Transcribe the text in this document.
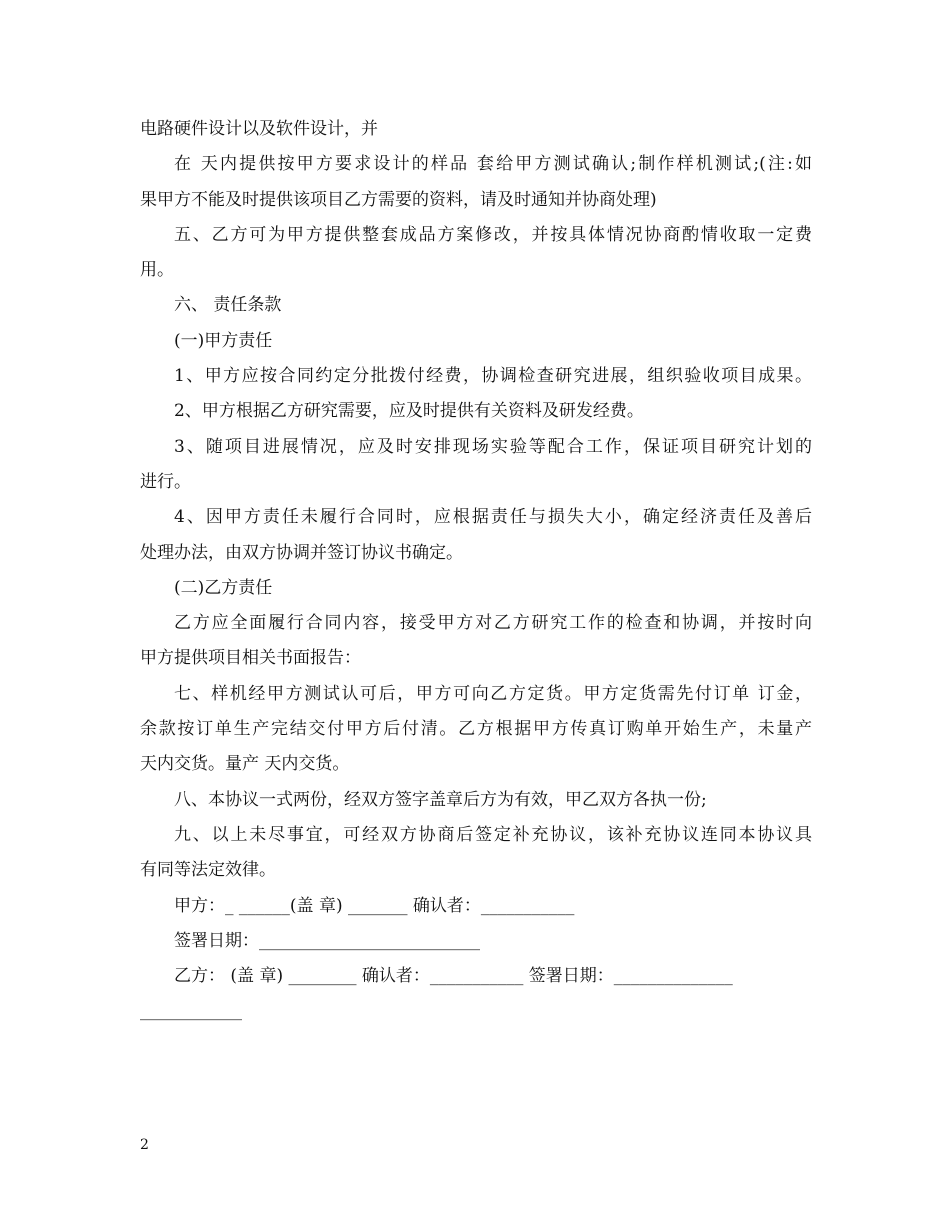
电路硬件设计以及软件设计，并
在 天内提供按甲方要求设计的样品 套给甲方测试确认;制作样机测试;(注:如
果甲方不能及时提供该项目乙方需要的资料，请及时通知并协商处理)
五、乙方可为甲方提供整套成品方案修改，并按具体情况协商酌情收取一定费
用。
六、 责任条款
(一)甲方责任
1、甲方应按合同约定分批拨付经费，协调检查研究进展，组织验收项目成果。
2、甲方根据乙方研究需要，应及时提供有关资料及研发经费。
3、随项目进展情况，应及时安排现场实验等配合工作，保证项目研究计划的
进行。
4、因甲方责任未履行合同时，应根据责任与损失大小，确定经济责任及善后
处理办法，由双方协调并签订协议书确定。
(二)乙方责任
乙方应全面履行合同内容，接受甲方对乙方研究工作的检查和协调，并按时向
甲方提供项目相关书面报告：
七、样机经甲方测试认可后，甲方可向乙方定货。甲方定货需先付订单 订金，
余款按订单生产完结交付甲方后付清。乙方根据甲方传真订购单开始生产，未量产
天内交货。量产 天内交货。
八、本协议一式两份，经双方签字盖章后方为有效，甲乙双方各执一份;
九、以上未尽事宜，可经双方协商后签定补充协议，该补充协议连同本协议具
有同等法定效律。
甲方：_ ______(盖 章) _______ 确认者：___________
签署日期：__________________________
乙方： (盖 章) ________ 确认者：___________ 签署日期：______________
____________
2
